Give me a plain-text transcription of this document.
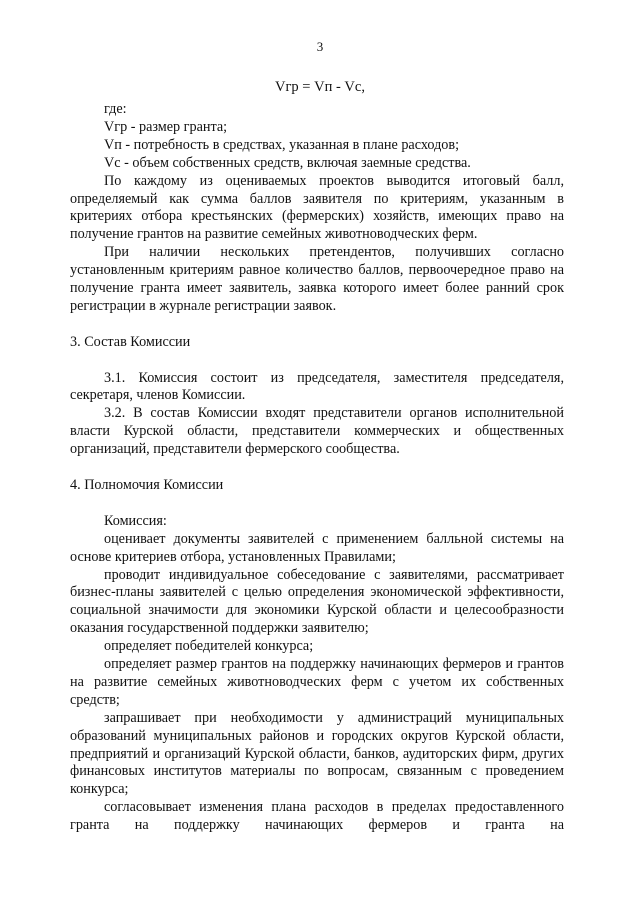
3
Vгр = Vп - Vс,

где:

Vгр - размер гранта;

Vп - потребность в средствах, указанная в плане расходов;

Vс - объем собственных средств, включая заемные средства.

По каждому из оцениваемых проектов выводится итоговый балл, определяемый как сумма баллов заявителя по критериям, указанным в критериях отбора крестьянских (фермерских) хозяйств, имеющих право на получение грантов на развитие семейных животноводческих ферм.

При наличии нескольких претендентов, получивших согласно установленным критериям равное количество баллов, первоочередное право на получение гранта имеет заявитель, заявка которого имеет более ранний срок регистрации в журнале регистрации заявок.

3. Состав Комиссии

3.1. Комиссия состоит из председателя, заместителя председателя, секретаря, членов Комиссии.

3.2. В состав Комиссии входят представители органов исполнительной власти Курской области, представители коммерческих и общественных организаций, представители фермерского сообщества.

4. Полномочия Комиссии

Комиссия:

оценивает документы заявителей с применением балльной системы на основе критериев отбора, установленных Правилами;

проводит индивидуальное собеседование с заявителями, рассматривает бизнес-планы заявителей с целью определения экономической эффективности, социальной значимости для экономики Курской области и целесообразности оказания государственной поддержки заявителю;

определяет победителей конкурса;

определяет размер грантов на поддержку начинающих фермеров и грантов на развитие семейных животноводческих ферм с учетом их собственных средств;

запрашивает при необходимости у администраций муниципальных образований муниципальных районов и городских округов Курской области, предприятий и организаций Курской области, банков, аудиторских фирм, других финансовых институтов материалы по вопросам, связанным с проведением конкурса;

согласовывает изменения плана расходов в пределах предоставленного гранта на поддержку начинающих фермеров и гранта на
